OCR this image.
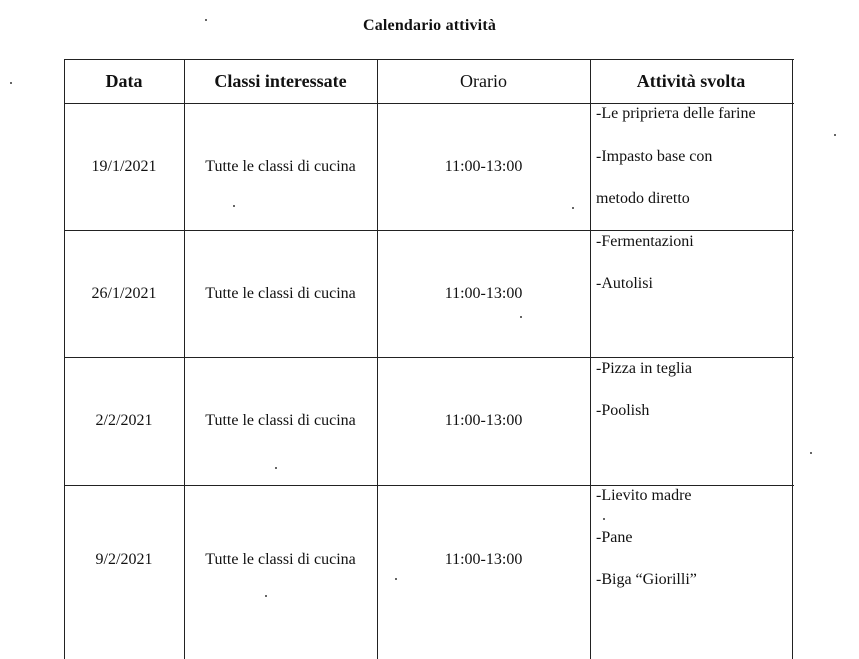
Calendario attività
Data	Classi interessate	Orario	Attività svolta
19/1/2021	Tutte le classi di cucina	11:00-13:00
-Le pripriета delle farine
-Impasto base con
metodo diretto
26/1/2021	Tutte le classi di cucina	11:00-13:00
-Fermentazioni
-Autolisi
2/2/2021	Tutte le classi di cucina	11:00-13:00
-Pizza in teglia
-Poolish
9/2/2021	Tutte le classi di cucina	11:00-13:00
-Lievito madre
-Pane
-Biga “Giorilli”
